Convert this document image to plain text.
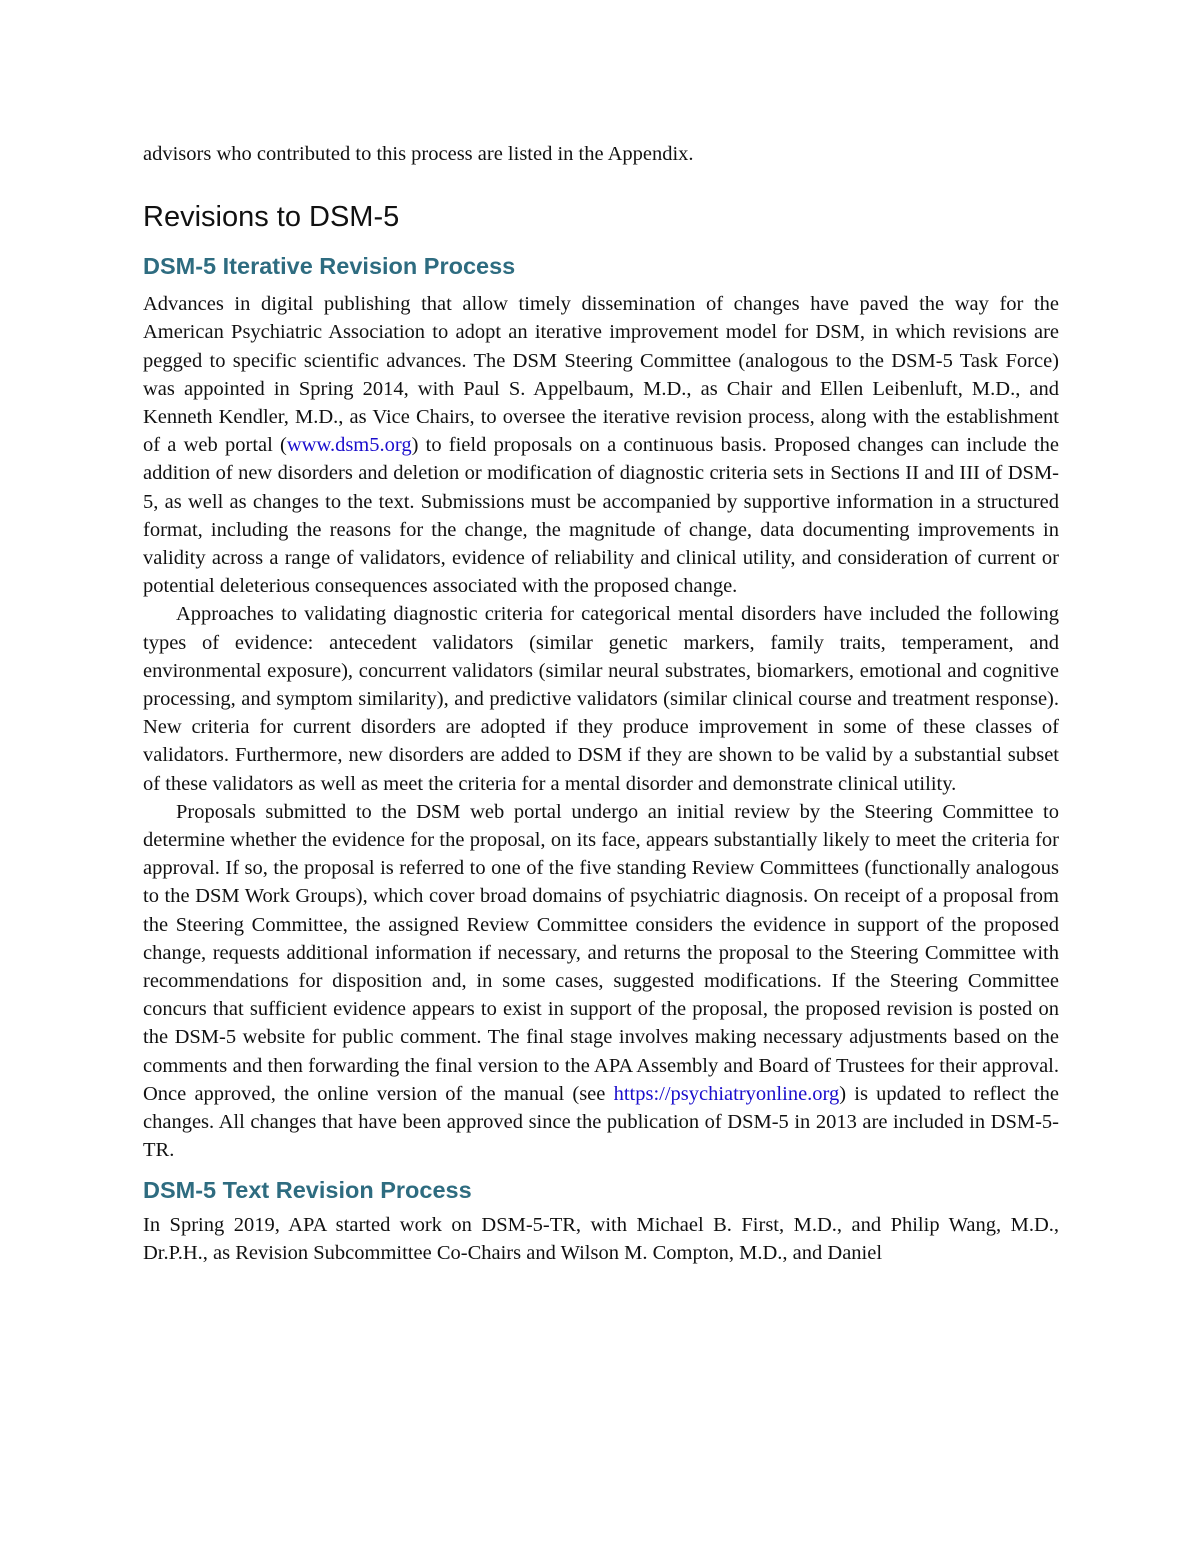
advisors who contributed to this process are listed in the Appendix.

Revisions to DSM-5
DSM-5 Iterative Revision Process

Advances in digital publishing that allow timely dissemination of changes have paved the way for the American Psychiatric Association to adopt an iterative improvement model for DSM, in which revisions are pegged to specific scientific advances. The DSM Steering Committee (analogous to the DSM-5 Task Force) was appointed in Spring 2014, with Paul S. Appelbaum, M.D., as Chair and Ellen Leibenluft, M.D., and Kenneth Kendler, M.D., as Vice Chairs, to oversee the iterative revision process, along with the establishment of a web portal (www.dsm5.org) to field proposals on a continuous basis. Proposed changes can include the addition of new disorders and deletion or modification of diagnostic criteria sets in Sections II and III of DSM-5, as well as changes to the text. Submissions must be accompanied by supportive information in a structured format, including the reasons for the change, the magnitude of change, data documenting improvements in validity across a range of validators, evidence of reliability and clinical utility, and consideration of current or potential deleterious consequences associated with the proposed change.

Approaches to validating diagnostic criteria for categorical mental disorders have included the following types of evidence: antecedent validators (similar genetic markers, family traits, temperament, and environmental exposure), concurrent validators (similar neural substrates, biomarkers, emotional and cognitive processing, and symptom similarity), and predictive validators (similar clinical course and treatment response). New criteria for current disorders are adopted if they produce improvement in some of these classes of validators. Furthermore, new disorders are added to DSM if they are shown to be valid by a substantial subset of these validators as well as meet the criteria for a mental disorder and demonstrate clinical utility.

Proposals submitted to the DSM web portal undergo an initial review by the Steering Committee to determine whether the evidence for the proposal, on its face, appears substantially likely to meet the criteria for approval. If so, the proposal is referred to one of the five standing Review Committees (functionally analogous to the DSM Work Groups), which cover broad domains of psychiatric diagnosis. On receipt of a proposal from the Steering Committee, the assigned Review Committee considers the evidence in support of the proposed change, requests additional information if necessary, and returns the proposal to the Steering Committee with recommendations for disposition and, in some cases, suggested modifications. If the Steering Committee concurs that sufficient evidence appears to exist in support of the proposal, the proposed revision is posted on the DSM-5 website for public comment. The final stage involves making necessary adjustments based on the comments and then forwarding the final version to the APA Assembly and Board of Trustees for their approval. Once approved, the online version of the manual (see https://psychiatryonline.org) is updated to reflect the changes. All changes that have been approved since the publication of DSM-5 in 2013 are included in DSM-5-TR.

DSM-5 Text Revision Process

In Spring 2019, APA started work on DSM-5-TR, with Michael B. First, M.D., and Philip Wang, M.D., Dr.P.H., as Revision Subcommittee Co-Chairs and Wilson M. Compton, M.D., and Daniel
